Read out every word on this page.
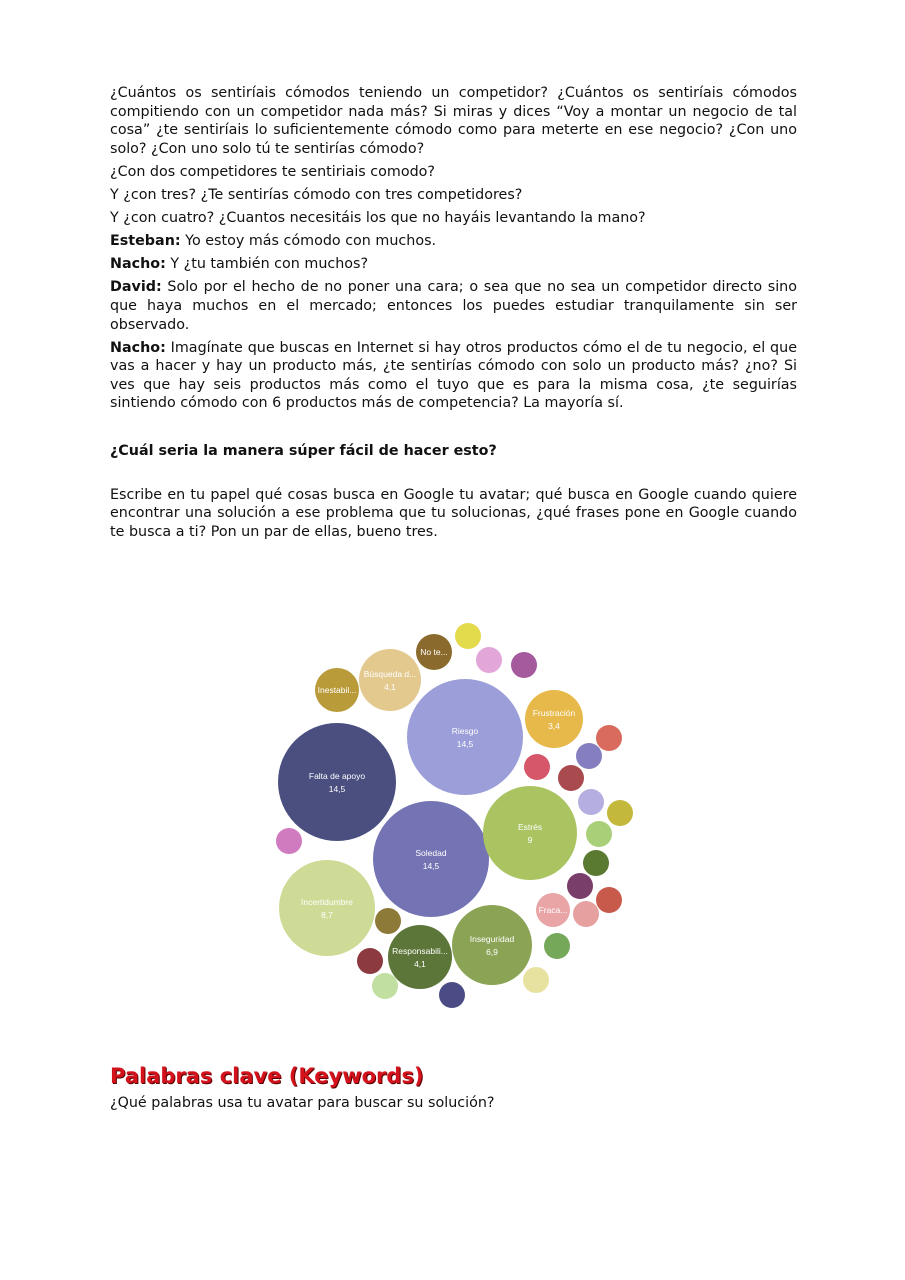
¿Cuántos os sentiríais cómodos teniendo un competidor? ¿Cuántos os sentiríais cómodos compitiendo con un competidor nada más? Si miras y dices “Voy a montar un negocio de tal cosa” ¿te sentiríais lo suficientemente cómodo como para meterte en ese negocio? ¿Con uno solo? ¿Con uno solo tú te sentirías cómodo?

¿Con dos competidores te sentiriais comodo?

Y ¿con tres? ¿Te sentirías cómodo con tres competidores?

Y ¿con cuatro? ¿Cuantos necesitáis los que no hayáis levantando la mano?

Esteban: Yo estoy más cómodo con muchos.

Nacho: Y ¿tu también con muchos?

David: Solo por el hecho de no poner una cara; o sea que no sea un competidor directo sino que haya muchos en el mercado; entonces los puedes estudiar tranquilamente sin ser observado.

Nacho: Imagínate que buscas en Internet si hay otros productos cómo el de tu negocio, el que vas a hacer y hay un producto más, ¿te sentirías cómodo con solo un producto más? ¿no? Si ves que hay seis productos más como el tuyo que es para la misma cosa, ¿te seguirías sintiendo cómodo con 6 productos más de competencia? La mayoría sí.

¿Cuál seria la manera súper fácil de hacer esto?

Escribe en tu papel qué cosas busca en Google tu avatar; qué busca en Google cuando quiere encontrar una solución a ese problema que tu solucionas, ¿qué frases pone en Google cuando te busca a ti? Pon un par de ellas, bueno tres.

Riesgo
14,5
Falta de apoyo
14,5
Soledad
14,5
Estrés
9
Incertidumbre
8,7
Inseguridad
6,9
Responsabili...
4,1
Búsqueda d...
4,1
Frustración
3,4
Fraca...
Inestabil...
No te...
Palabras clave (Keywords)

¿Qué palabras usa tu avatar para buscar su solución?
